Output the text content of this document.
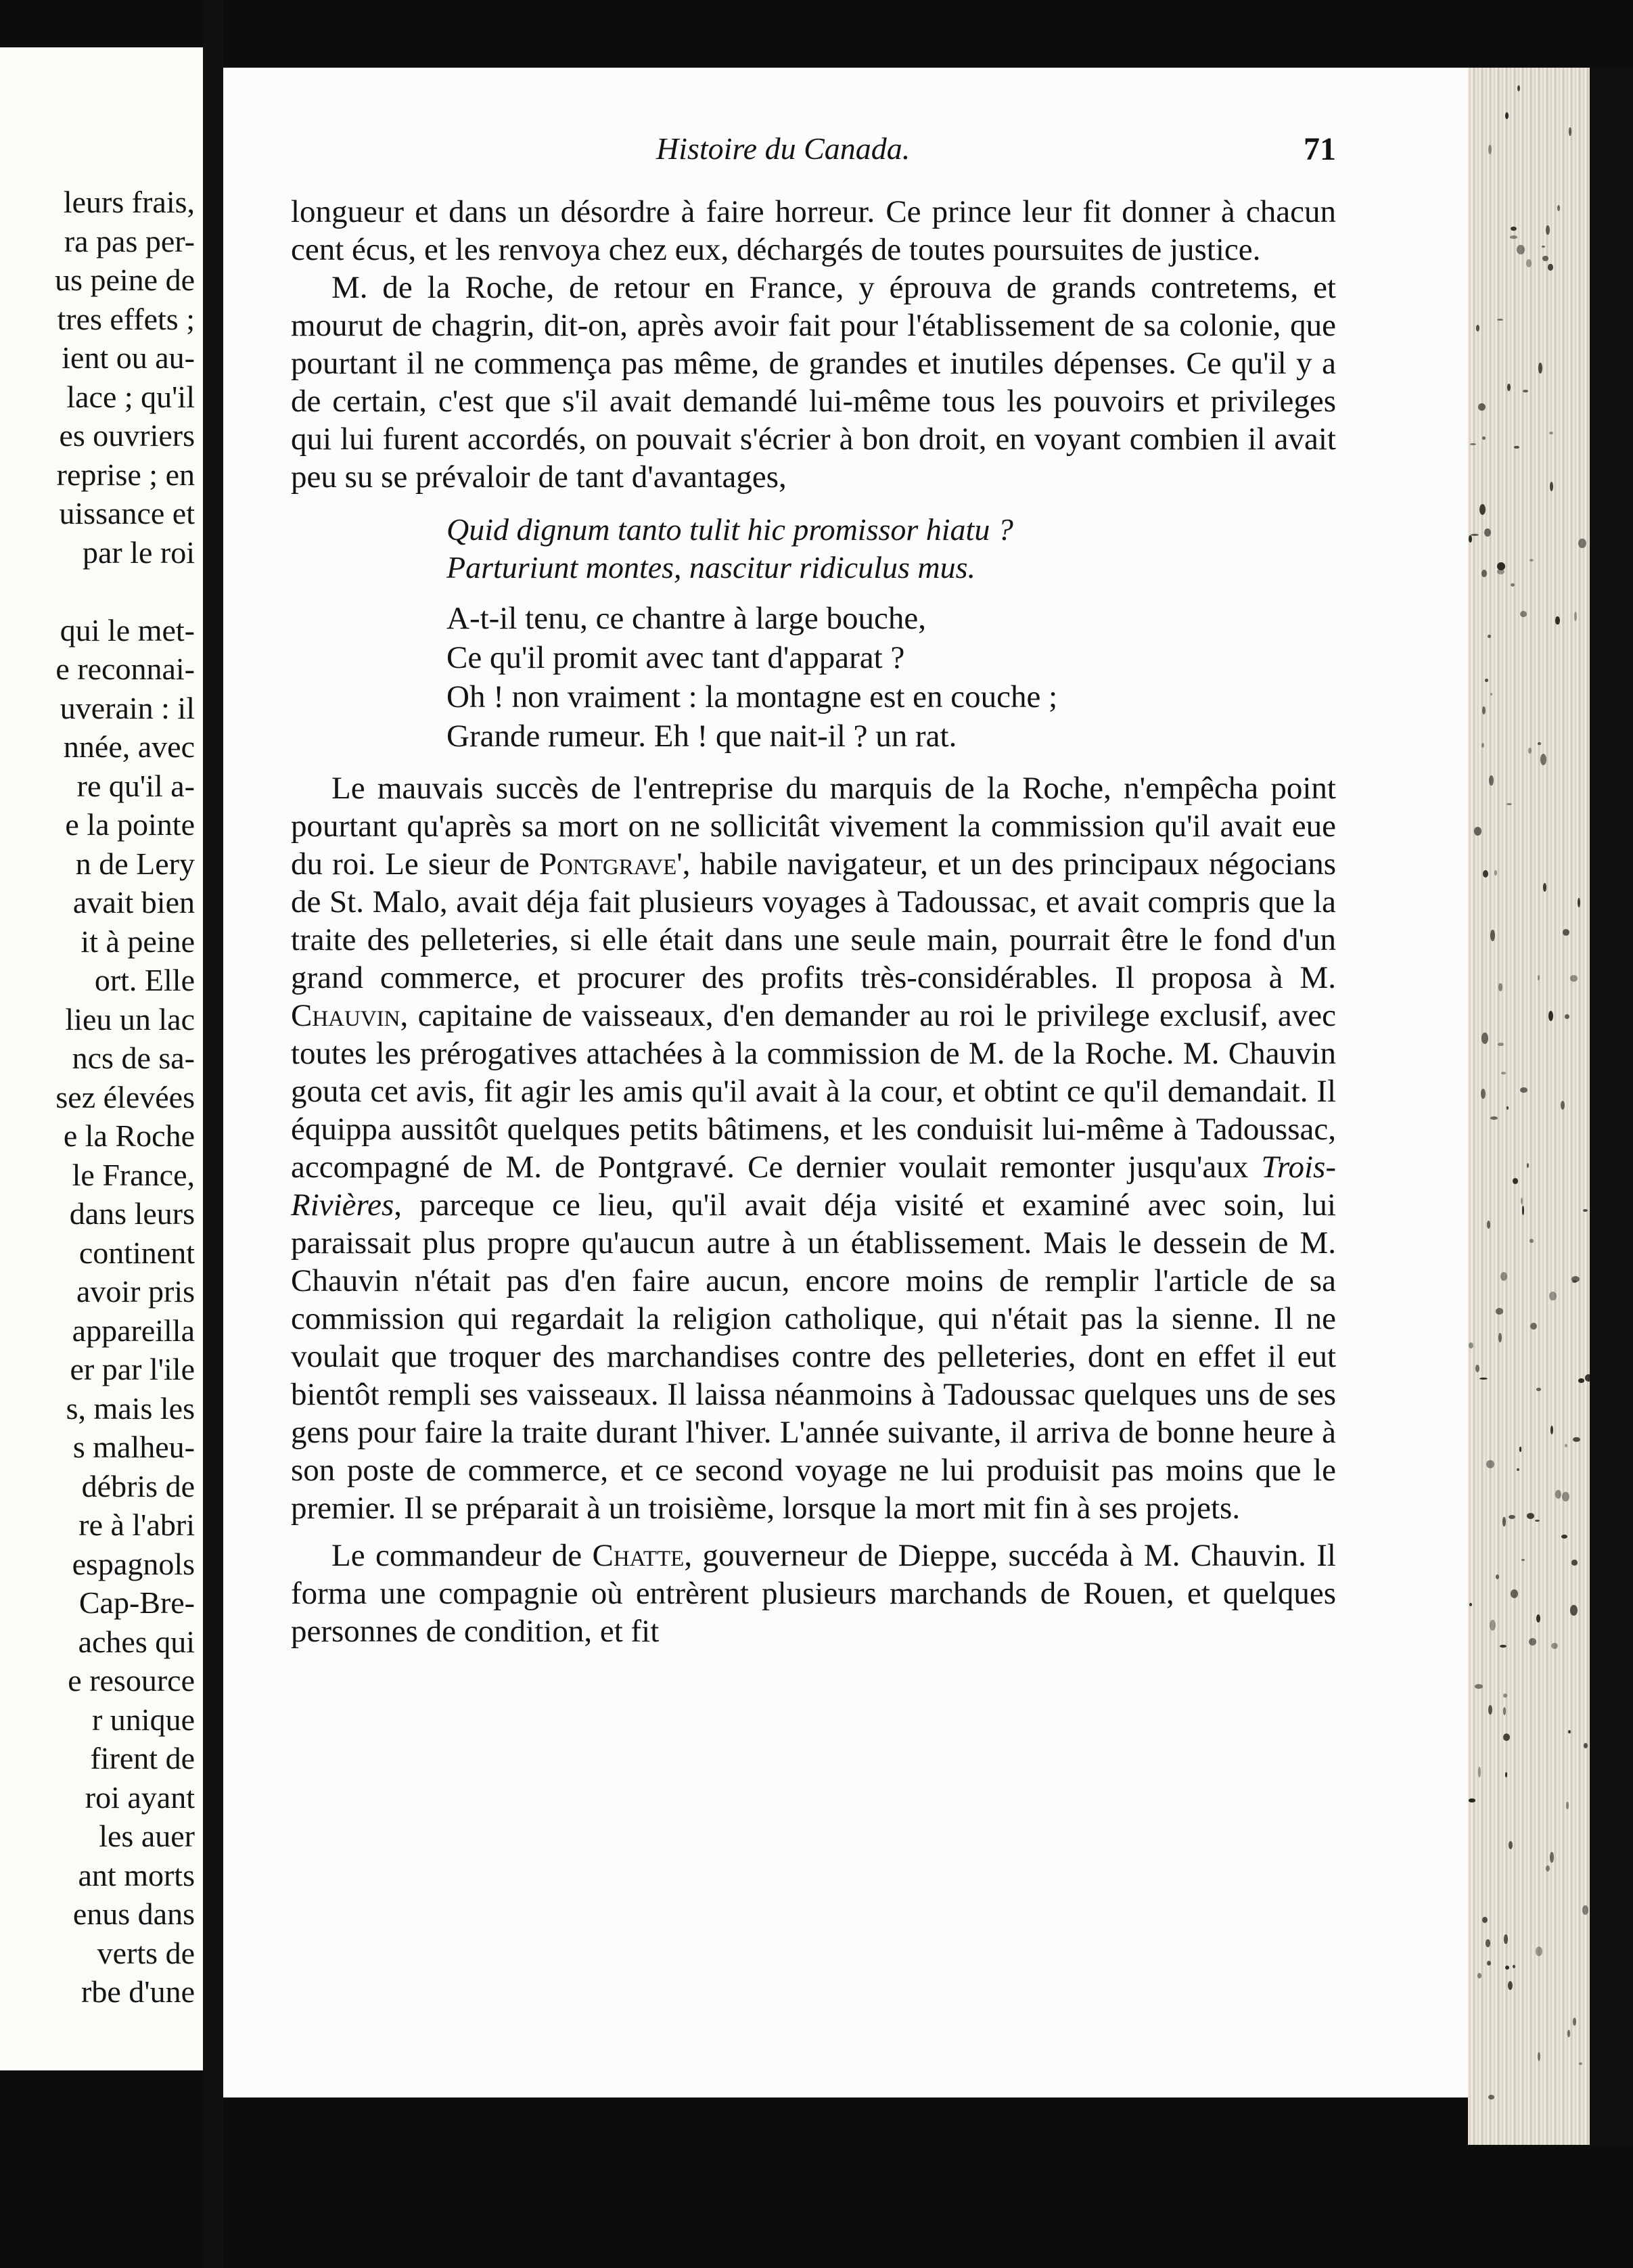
leurs frais,
ra pas per-
us peine de
tres effets ;
ient ou au-
lace ; qu'il
es ouvriers
reprise ; en
uissance et
par le roi

qui le met-
e reconnai-
uverain : il
nnée, avec
re qu'il a-
e la pointe
n de Lery
avait bien
it à peine
ort. Elle
lieu un lac
ncs de sa-
sez élevées
e la Roche
le France,
dans leurs
continent
avoir pris
appareilla
er par l'ile
s, mais les
s malheu-
débris de
re à l'abri
espagnols
Cap-Bre-
aches qui
e resource
r unique
firent de
roi ayant
les auer
ant morts
enus dans
verts de
rbe d'une
Histoire du Canada.	71

longueur et dans un désordre à faire horreur. Ce prince leur fit donner à chacun cent écus, et les renvoya chez eux, déchargés de toutes poursuites de justice.

M. de la Roche, de retour en France, y éprouva de grands contretems, et mourut de chagrin, dit-on, après avoir fait pour l'établissement de sa colonie, que pourtant il ne commença pas même, de grandes et inutiles dépenses. Ce qu'il y a de certain, c'est que s'il avait demandé lui-même tous les pouvoirs et privileges qui lui furent accordés, on pouvait s'écrier à bon droit, en voyant combien il avait peu su se prévaloir de tant d'avantages,

Quid dignum tanto tulit hic promissor hiatu ?
Parturiunt montes, nascitur ridiculus mus.
A-t-il tenu, ce chantre à large bouche,
Ce qu'il promit avec tant d'apparat ?
Oh ! non vraiment : la montagne est en couche ;
Grande rumeur. Eh ! que nait-il ? un rat.

Le mauvais succès de l'entreprise du marquis de la Roche, n'empêcha point pourtant qu'après sa mort on ne sollicitât vivement la commission qu'il avait eue du roi. Le sieur de Pontgrave', habile navigateur, et un des principaux négocians de St. Malo, avait déja fait plusieurs voyages à Tadoussac, et avait compris que la traite des pelleteries, si elle était dans une seule main, pourrait être le fond d'un grand commerce, et procurer des profits très-considérables. Il proposa à M. Chauvin, capitaine de vaisseaux, d'en demander au roi le privilege exclusif, avec toutes les prérogatives attachées à la commission de M. de la Roche. M. Chauvin gouta cet avis, fit agir les amis qu'il avait à la cour, et obtint ce qu'il demandait. Il équippa aussitôt quelques petits bâtimens, et les conduisit lui-même à Tadoussac, accompagné de M. de Pontgravé. Ce dernier voulait remonter jusqu'aux Trois-Rivières, parceque ce lieu, qu'il avait déja visité et examiné avec soin, lui paraissait plus propre qu'aucun autre à un établissement. Mais le dessein de M. Chauvin n'était pas d'en faire aucun, encore moins de remplir l'article de sa commission qui regardait la religion catholique, qui n'était pas la sienne. Il ne voulait que troquer des marchandises contre des pelleteries, dont en effet il eut bientôt rempli ses vaisseaux. Il laissa néanmoins à Tadoussac quelques uns de ses gens pour faire la traite durant l'hiver. L'année suivante, il arriva de bonne heure à son poste de commerce, et ce second voyage ne lui produisit pas moins que le premier. Il se préparait à un troisième, lorsque la mort mit fin à ses projets.

Le commandeur de Chatte, gouverneur de Dieppe, succéda à M. Chauvin. Il forma une compagnie où entrèrent plusieurs marchands de Rouen, et quelques personnes de condition, et fit
